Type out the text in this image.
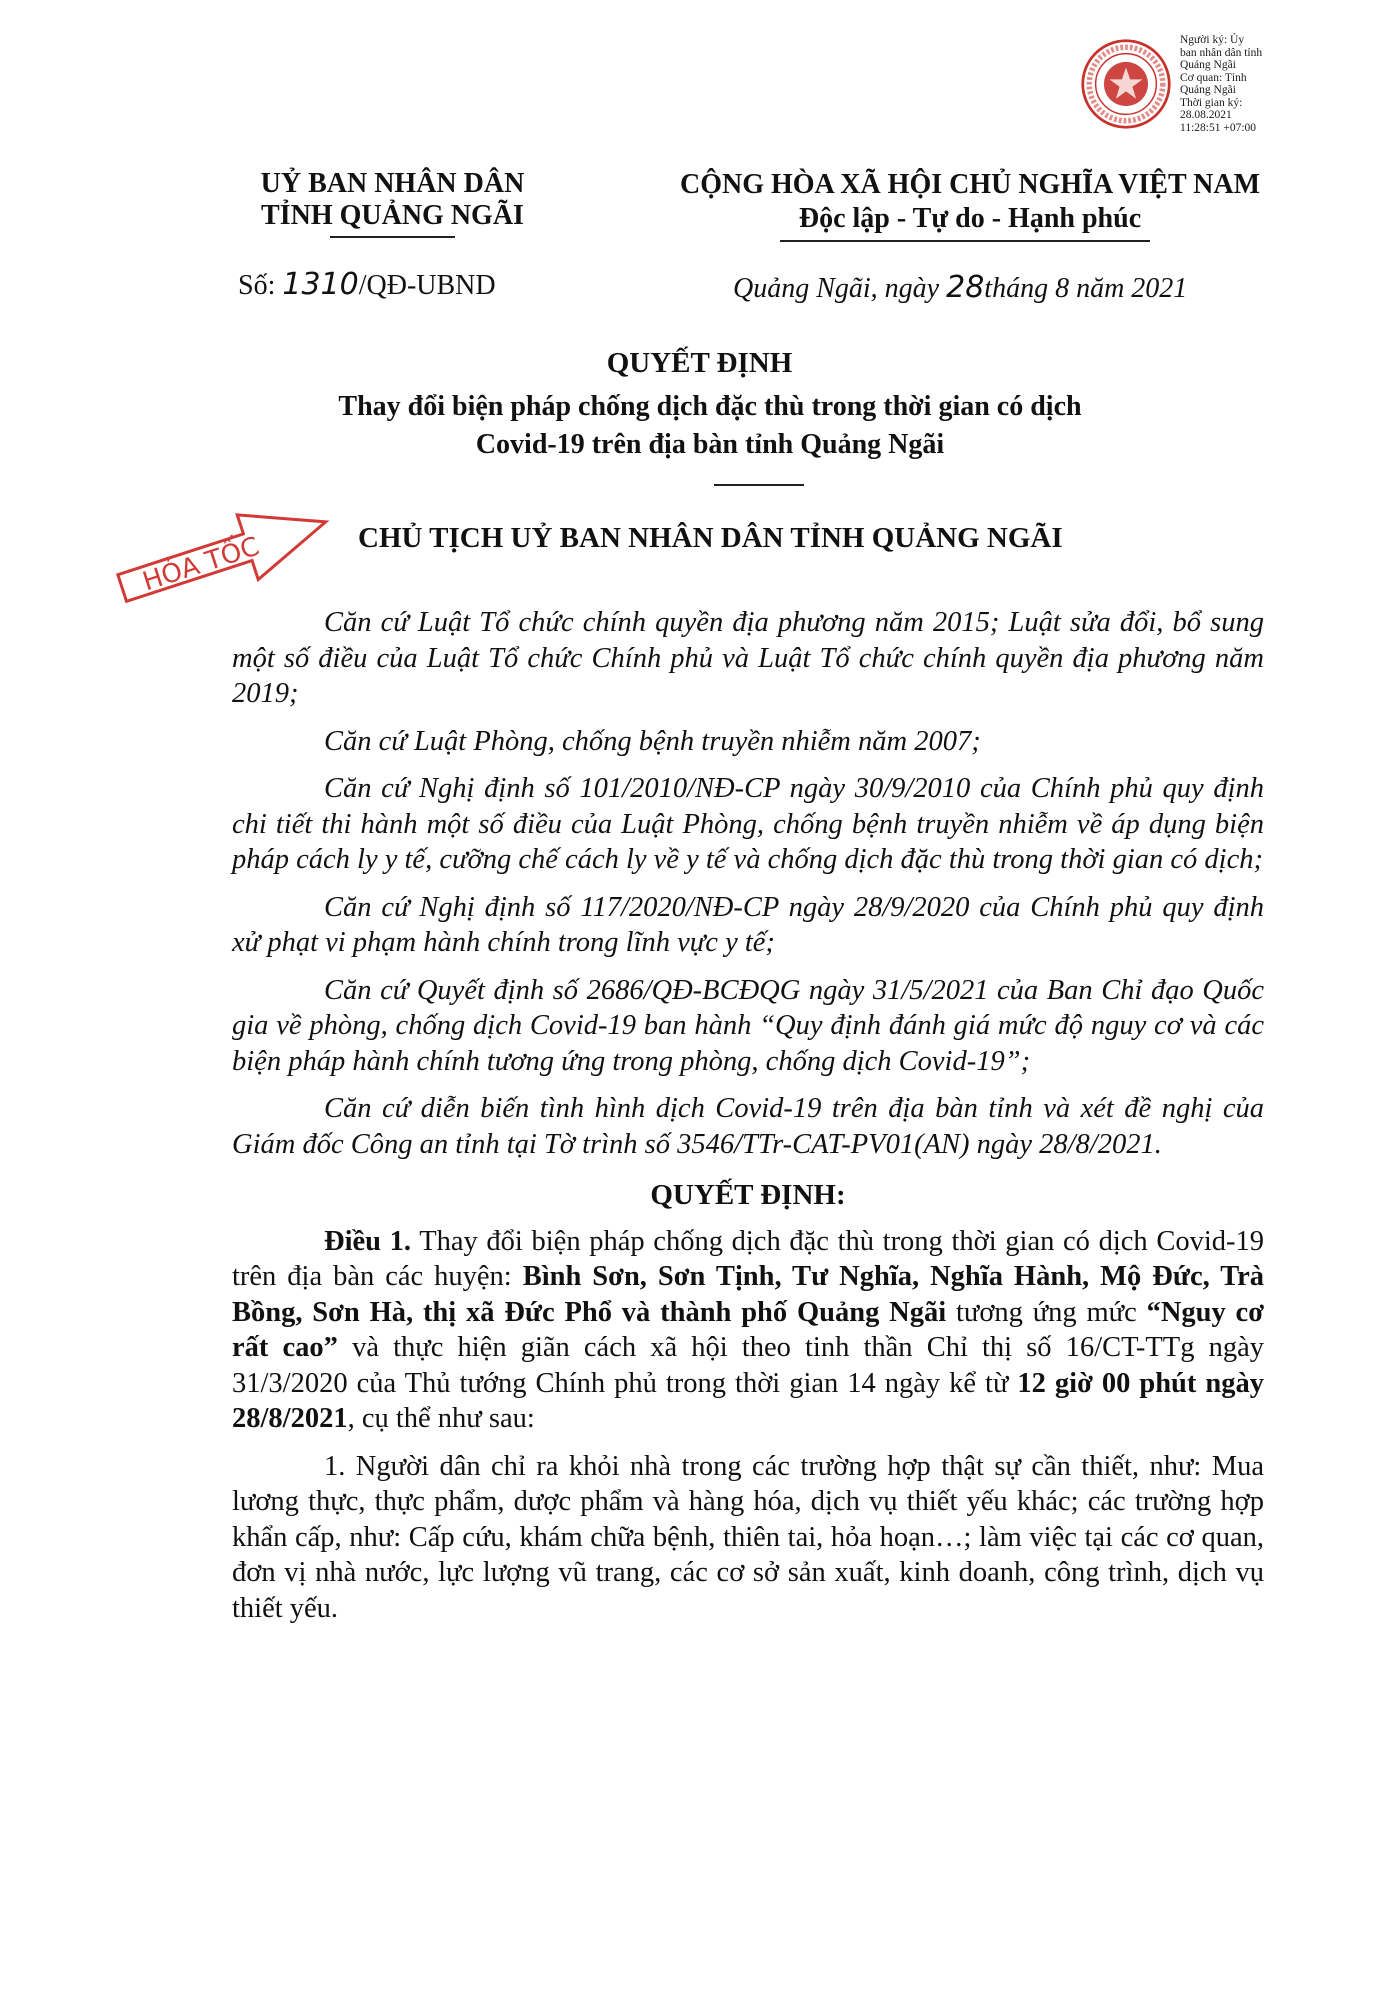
Người ký: Ủy
ban nhân dân tỉnh
Quảng Ngãi
Cơ quan: Tỉnh
Quảng Ngãi
Thời gian ký:
28.08.2021
11:28:51 +07:00
UỶ BAN NHÂN DÂN
TỈNH QUẢNG NGÃI
CỘNG HÒA XÃ HỘI CHỦ NGHĨA VIỆT NAM
Độc lập - Tự do - Hạnh phúc
Số: 1310/QĐ-UBND	Quảng Ngãi, ngày 28tháng 8 năm 2021
QUYẾT ĐỊNH
Thay đổi biện pháp chống dịch đặc thù trong thời gian có dịch
Covid-19 trên địa bàn tỉnh Quảng Ngãi
HỎA TỐC	CHỦ TỊCH UỶ BAN NHÂN DÂN TỈNH QUẢNG NGÃI

Căn cứ Luật Tổ chức chính quyền địa phương năm 2015; Luật sửa đổi, bổ sung một số điều của Luật Tổ chức Chính phủ và Luật Tổ chức chính quyền địa phương năm 2019;

Căn cứ Luật Phòng, chống bệnh truyền nhiễm năm 2007;

Căn cứ Nghị định số 101/2010/NĐ-CP ngày 30/9/2010 của Chính phủ quy định chi tiết thi hành một số điều của Luật Phòng, chống bệnh truyền nhiễm về áp dụng biện pháp cách ly y tế, cưỡng chế cách ly về y tế và chống dịch đặc thù trong thời gian có dịch;

Căn cứ Nghị định số 117/2020/NĐ-CP ngày 28/9/2020 của Chính phủ quy định xử phạt vi phạm hành chính trong lĩnh vực y tế;

Căn cứ Quyết định số 2686/QĐ-BCĐQG ngày 31/5/2021 của Ban Chỉ đạo Quốc gia về phòng, chống dịch Covid-19 ban hành “Quy định đánh giá mức độ nguy cơ và các biện pháp hành chính tương ứng trong phòng, chống dịch Covid-19”;

Căn cứ diễn biến tình hình dịch Covid-19 trên địa bàn tỉnh và xét đề nghị của Giám đốc Công an tỉnh tại Tờ trình số 3546/TTr-CAT-PV01(AN) ngày 28/8/2021.

QUYẾT ĐỊNH:

Điều 1. Thay đổi biện pháp chống dịch đặc thù trong thời gian có dịch Covid-19 trên địa bàn các huyện: Bình Sơn, Sơn Tịnh, Tư Nghĩa, Nghĩa Hành, Mộ Đức, Trà Bồng, Sơn Hà, thị xã Đức Phổ và thành phố Quảng Ngãi tương ứng mức “Nguy cơ rất cao” và thực hiện giãn cách xã hội theo tinh thần Chỉ thị số 16/CT-TTg ngày 31/3/2020 của Thủ tướng Chính phủ trong thời gian 14 ngày kể từ 12 giờ 00 phút ngày 28/8/2021, cụ thể như sau:

1. Người dân chỉ ra khỏi nhà trong các trường hợp thật sự cần thiết, như: Mua lương thực, thực phẩm, dược phẩm và hàng hóa, dịch vụ thiết yếu khác; các trường hợp khẩn cấp, như: Cấp cứu, khám chữa bệnh, thiên tai, hỏa hoạn…; làm việc tại các cơ quan, đơn vị nhà nước, lực lượng vũ trang, các cơ sở sản xuất, kinh doanh, công trình, dịch vụ thiết yếu.
